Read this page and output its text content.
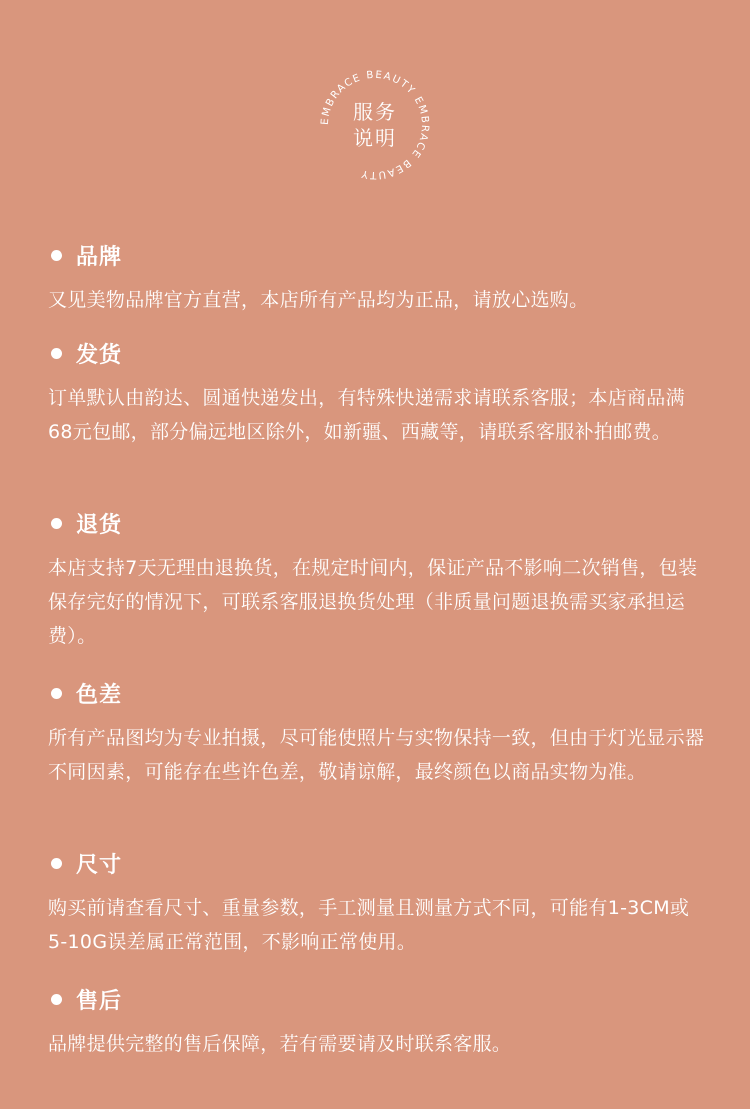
EMBRACE BEAUTY EMBRACE BEAUTY
服务
说明
品牌
又见美物品牌官方直营，本店所有产品均为正品，请放心选购。
发货
订单默认由韵达、圆通快递发出，有特殊快递需求请联系客服；本店商品满68元包邮，部分偏远地区除外，如新疆、西藏等，请联系客服补拍邮费。
退货
本店支持7天无理由退换货，在规定时间内，保证产品不影响二次销售，包装保存完好的情况下，可联系客服退换货处理（非质量问题退换需买家承担运费）。
色差
所有产品图均为专业拍摄，尽可能使照片与实物保持一致，但由于灯光显示器不同因素，可能存在些许色差，敬请谅解，最终颜色以商品实物为准。
尺寸
购买前请查看尺寸、重量参数，手工测量且测量方式不同，可能有1-3CM或5-10G误差属正常范围，不影响正常使用。
售后
品牌提供完整的售后保障，若有需要请及时联系客服。
